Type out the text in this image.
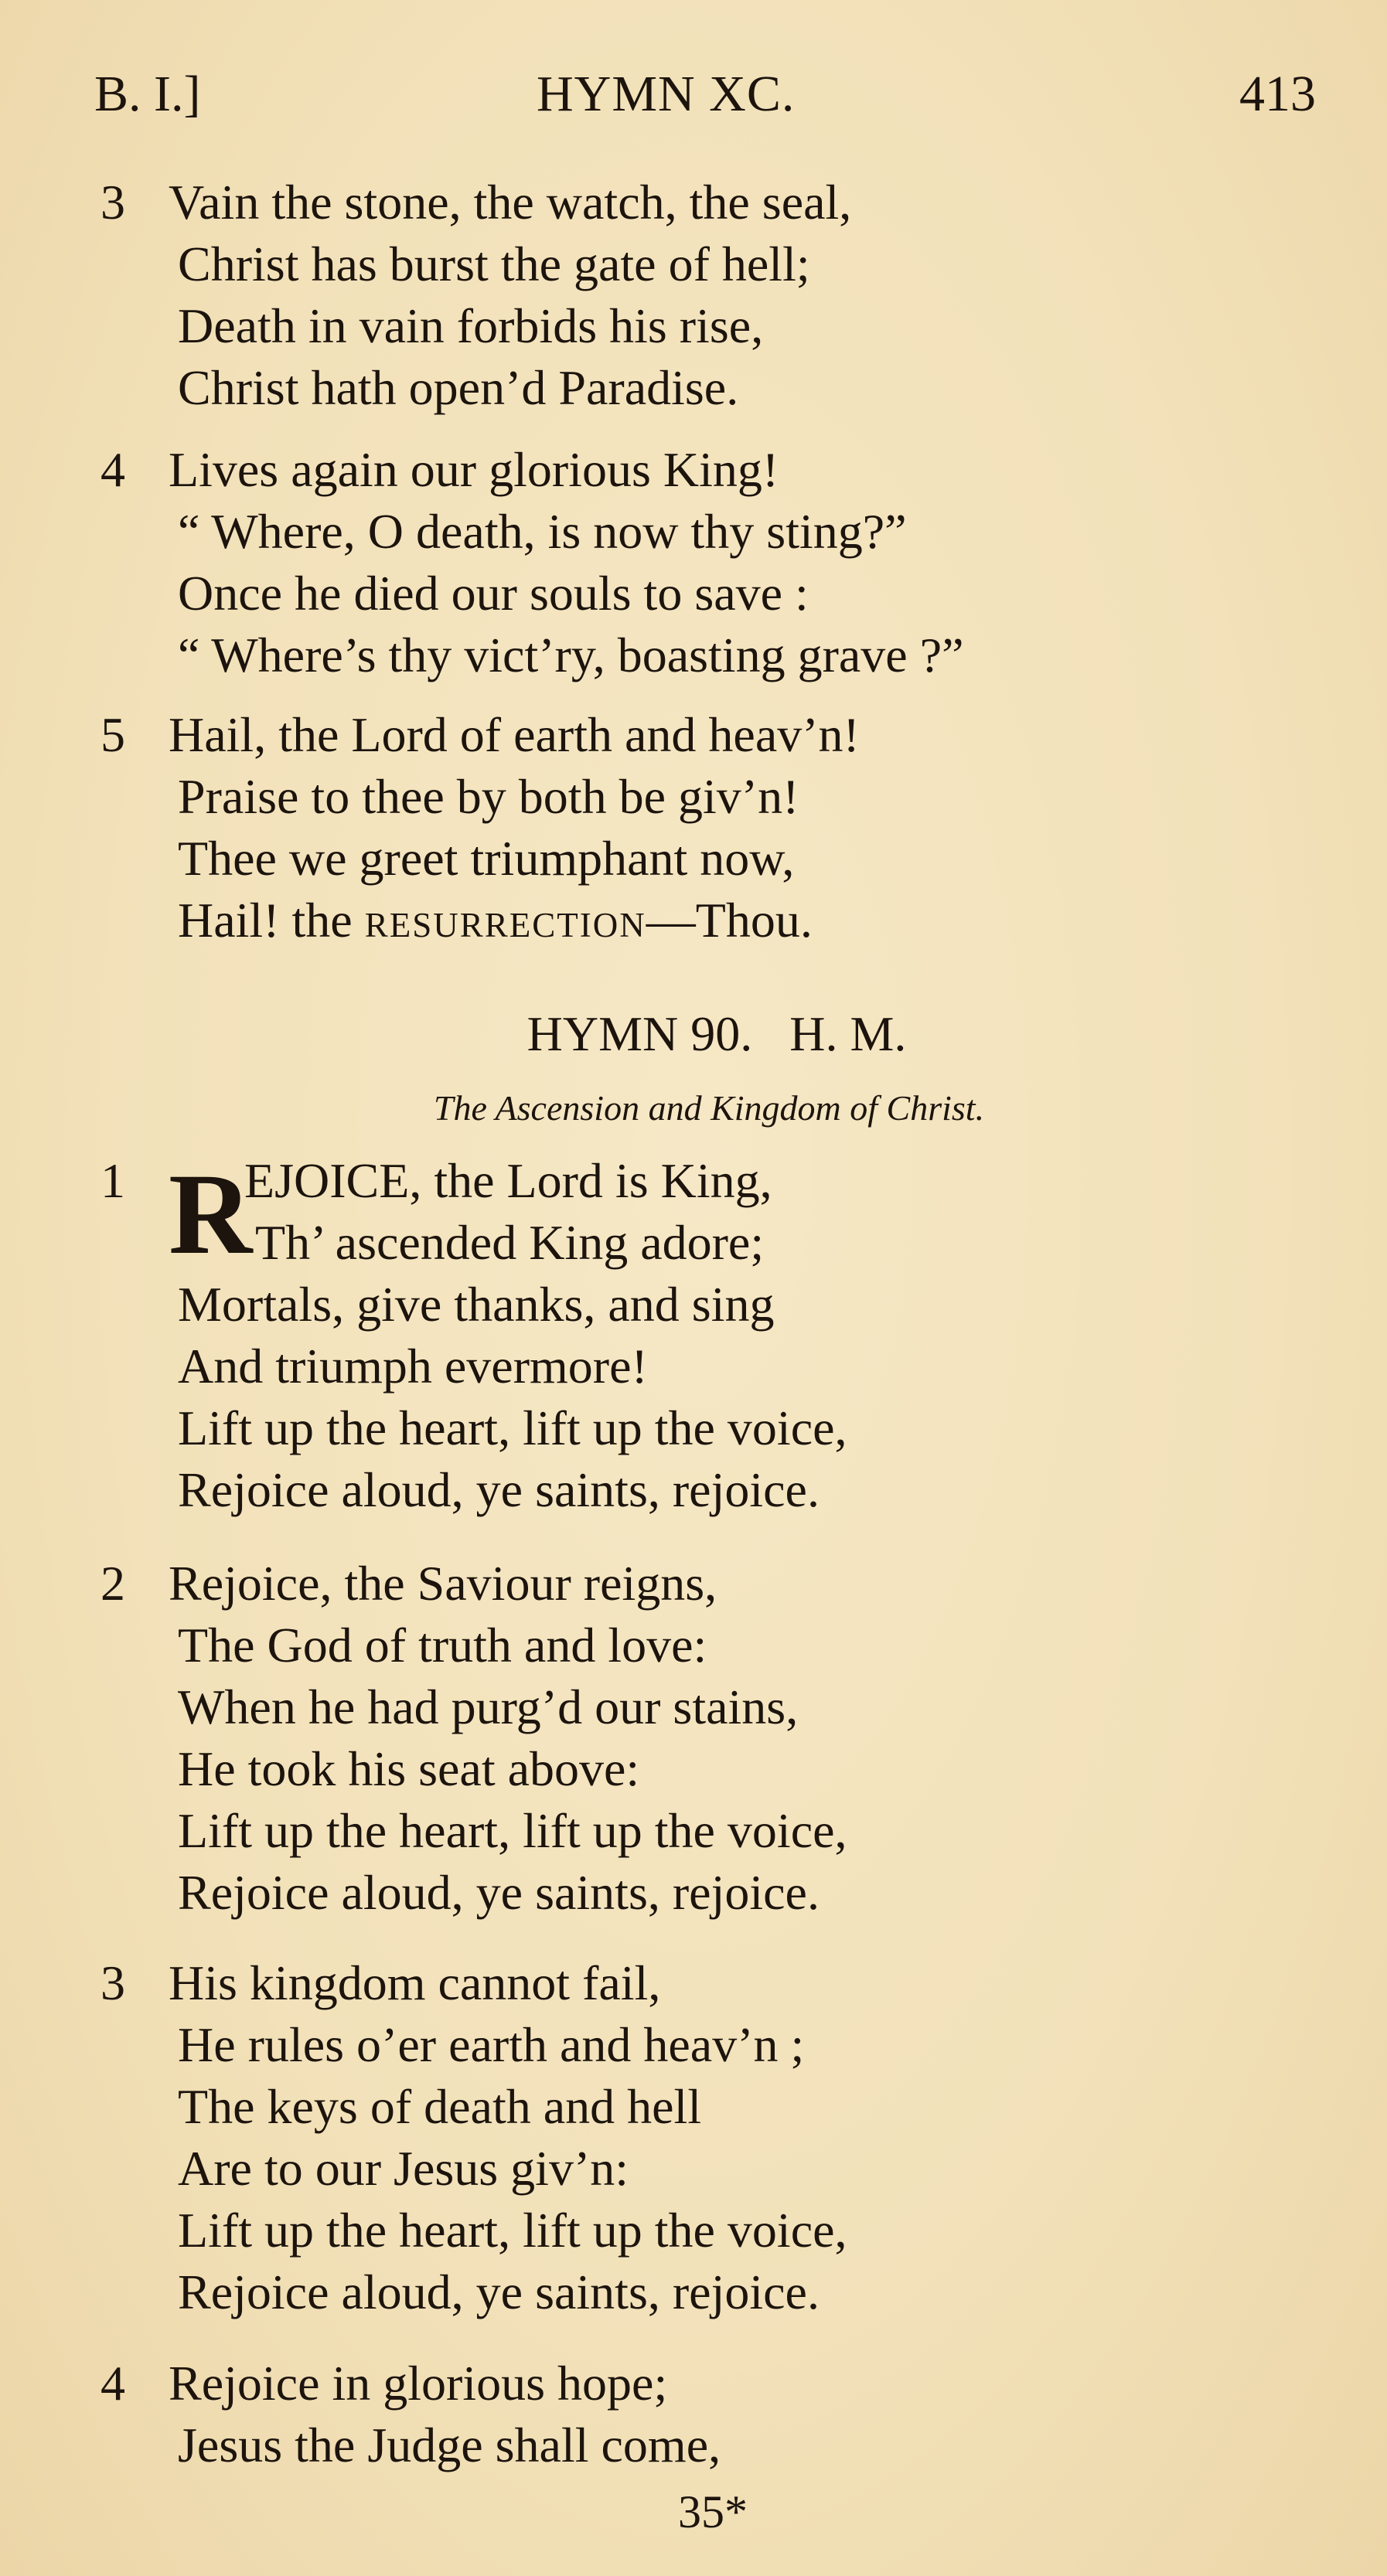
B. I.]	HYMN XC.	413
3 Vain the stone, the watch, the seal,
Christ has burst the gate of hell;
Death in vain forbids his rise,
Christ hath open’d Paradise.
4 Lives again our glorious King!
“ Where, O death, is now thy sting?”
Once he died our souls to save :
“ Where’s thy vict’ry, boasting grave ?”
5 Hail, the Lord of earth and heav’n!
Praise to thee by both be giv’n!
Thee we greet triumphant now,
Hail! the resurrection—Thou.
HYMN 90.   H. M.
The Ascension and Kingdom of Christ.
1 R
EJOICE, the Lord is King,
Th’ ascended King adore;
Mortals, give thanks, and sing
And triumph evermore!
Lift up the heart, lift up the voice,
Rejoice aloud, ye saints, rejoice.
2 Rejoice, the Saviour reigns,
The God of truth and love:
When he had purg’d our stains,
He took his seat above:
Lift up the heart, lift up the voice,
Rejoice aloud, ye saints, rejoice.
3 His kingdom cannot fail,
He rules o’er earth and heav’n ;
The keys of death and hell
Are to our Jesus giv’n:
Lift up the heart, lift up the voice,
Rejoice aloud, ye saints, rejoice.
4 Rejoice in glorious hope;
Jesus the Judge shall come,
35*
